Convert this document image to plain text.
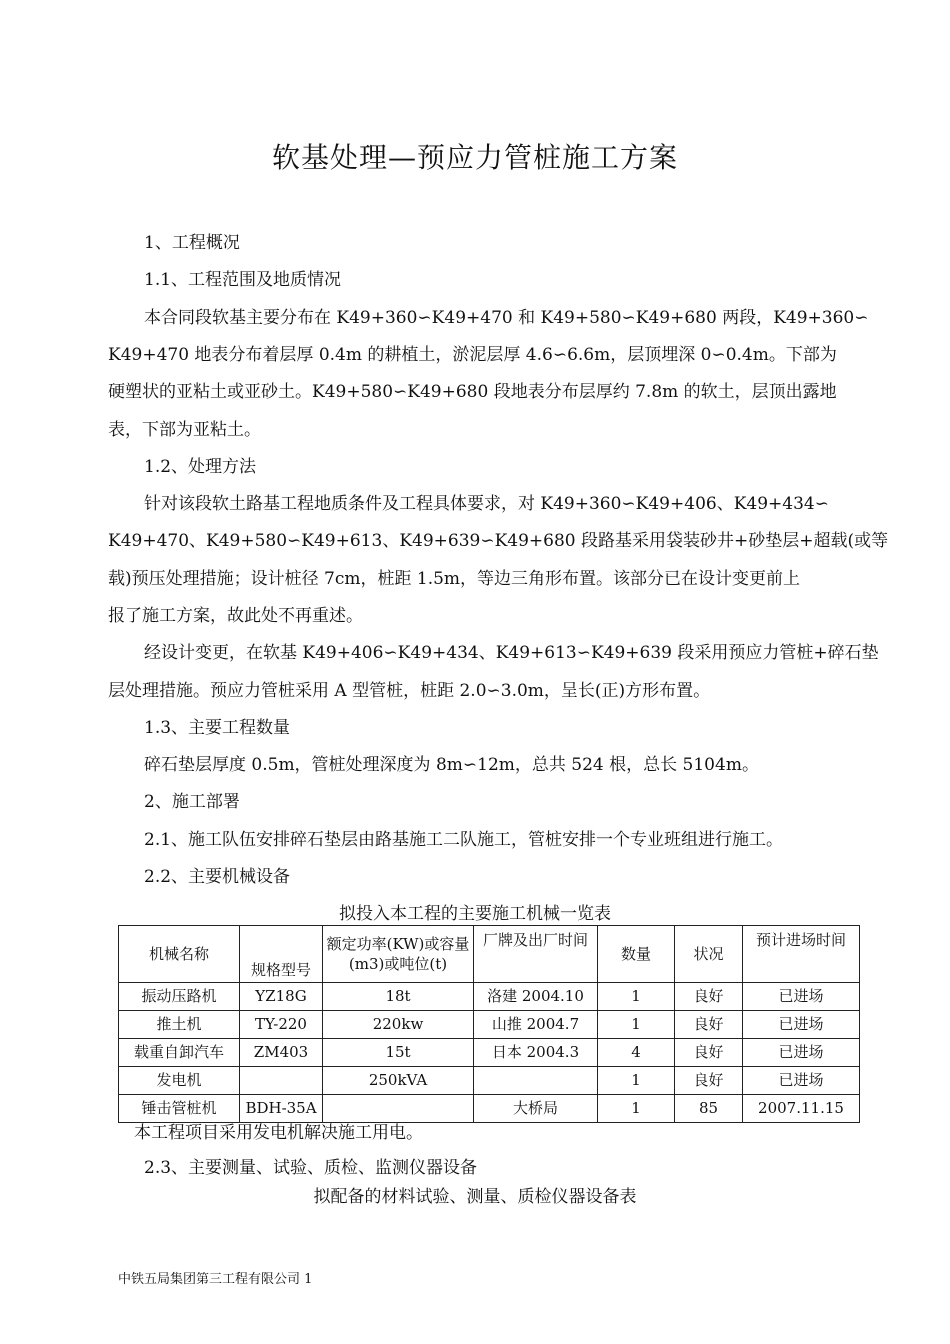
软基处理—预应力管桩施工方案
1、工程概况
1.1、工程范围及地质情况
本合同段软基主要分布在 K49+360∽K49+470 和 K49+580∽K49+680 两段，K49+360∽
K49+470 地表分布着层厚 0.4m 的耕植土，淤泥层厚 4.6∽6.6m，层顶埋深 0∽0.4m。下部为
硬塑状的亚粘土或亚砂土。K49+580∽K49+680 段地表分布层厚约 7.8m 的软土，层顶出露地
表，下部为亚粘土。
1.2、处理方法
针对该段软土路基工程地质条件及工程具体要求，对 K49+360∽K49+406、K49+434∽
K49+470、K49+580∽K49+613、K49+639∽K49+680 段路基采用袋装砂井+砂垫层+超载(或等
载)预压处理措施；设计桩径 7cm，桩距 1.5m，等边三角形布置。该部分已在设计变更前上
报了施工方案，故此处不再重述。
经设计变更，在软基 K49+406∽K49+434、K49+613∽K49+639 段采用预应力管桩+碎石垫
层处理措施。预应力管桩采用 A 型管桩，桩距 2.0∽3.0m，呈长(正)方形布置。
1.3、主要工程数量
碎石垫层厚度 0.5m，管桩处理深度为 8m∽12m，总共 524 根，总长 5104m。
2、施工部署
2.1、施工队伍安排碎石垫层由路基施工二队施工，管桩安排一个专业班组进行施工。
2.2、主要机械设备
拟投入本工程的主要施工机械一览表
机械名称	规格型号	额定功率(KW)或容量(m3)或吨位(t)	厂牌及出厂时间	数量	状况	预计进场时间
振动压路机	YZ18G	18t	洛建 2004.10	1	良好	已进场
推土机	TY-220	220kw	山推 2004.7	1	良好	已进场
载重自卸汽车	ZM403	15t	日本 2004.3	4	良好	已进场
发电机		250kVA		1	良好	已进场
锤击管桩机	BDH-35A		大桥局	1	85	2007.11.15
本工程项目采用发电机解决施工用电。
2.3、主要测量、试验、质检、监测仪器设备
拟配备的材料试验、测量、质检仪器设备表
中铁五局集团第三工程有限公司 1
